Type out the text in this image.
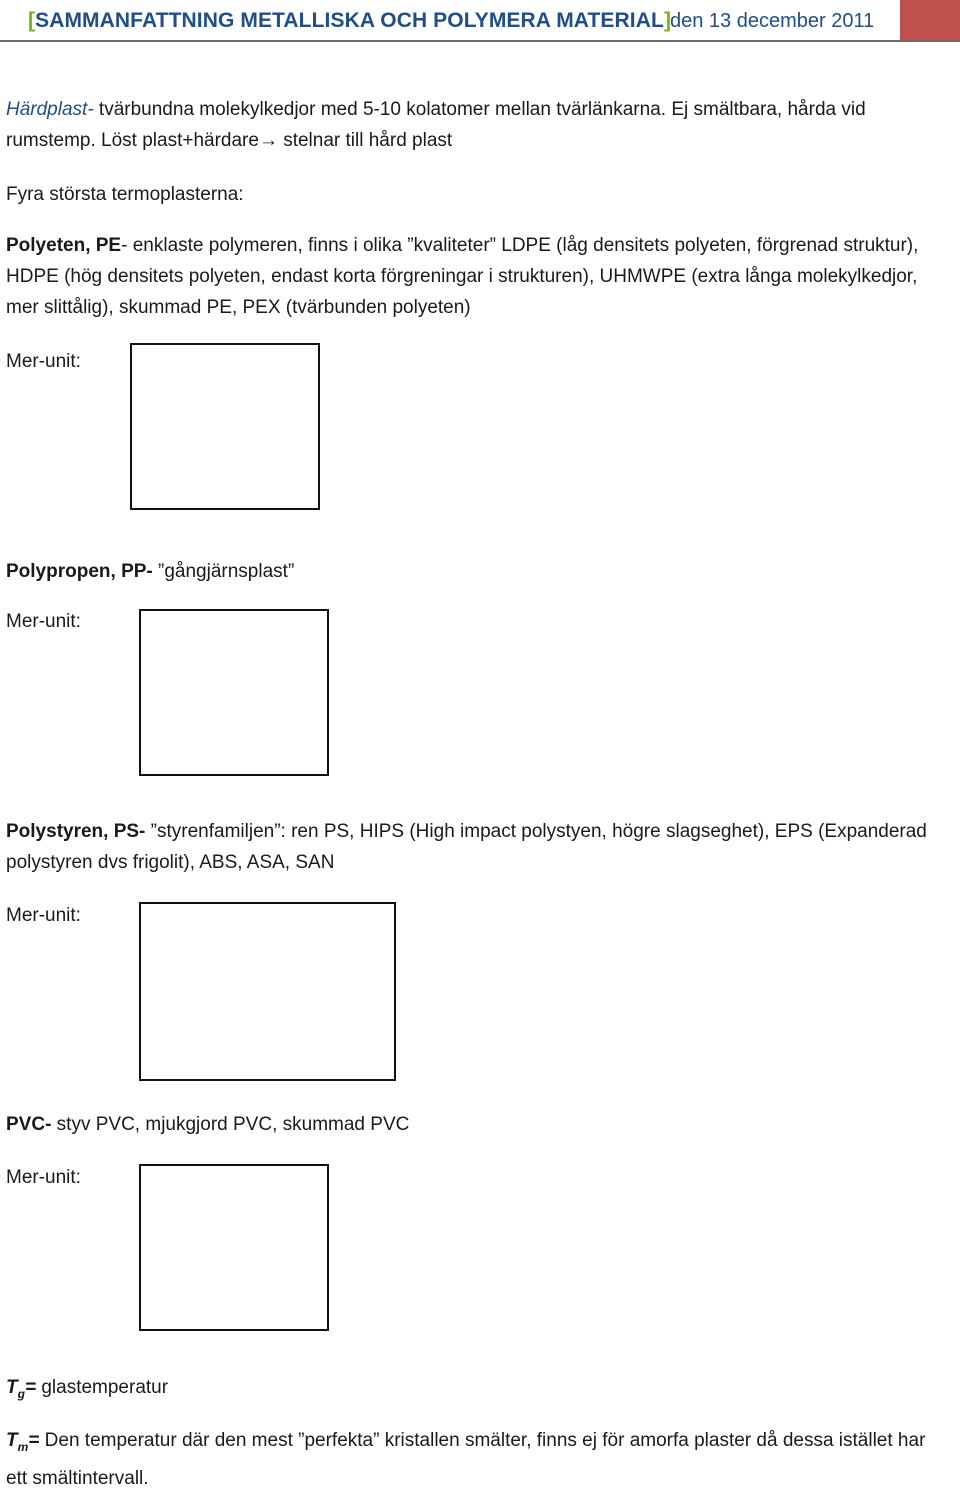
[SAMMANFATTNING METALLISKA OCH POLYMERA MATERIAL]
den 13 december 2011

Härdplast- tvärbundna molekylkedjor med 5-10 kolatomer mellan tvärlänkarna. Ej smältbara, hårda vid rumstemp. Löst plast+härdare→ stelnar till hård plast

Fyra största termoplasterna:

Polyeten, PE- enklaste polymeren, finns i olika ”kvaliteter” LDPE (låg densitets polyeten, förgrenad struktur), HDPE (hög densitets polyeten, endast korta förgreningar i strukturen), UHMWPE (extra långa molekylkedjor, mer slittålig), skummad PE, PEX (tvärbunden polyeten)

Mer-unit:

Polypropen, PP- ”gångjärnsplast”

Mer-unit:

Polystyren, PS- ”styrenfamiljen”: ren PS, HIPS (High impact polystyen, högre slagseghet), EPS (Expanderad polystyren dvs frigolit), ABS, ASA, SAN

Mer-unit:

PVC- styv PVC, mjukgjord PVC, skummad PVC

Mer-unit:

$T_g=$ glastemperatur

$T_m=$ Den temperatur där den mest ”perfekta” kristallen smälter, finns ej för amorfa plaster då dessa istället har ett smältintervall.
